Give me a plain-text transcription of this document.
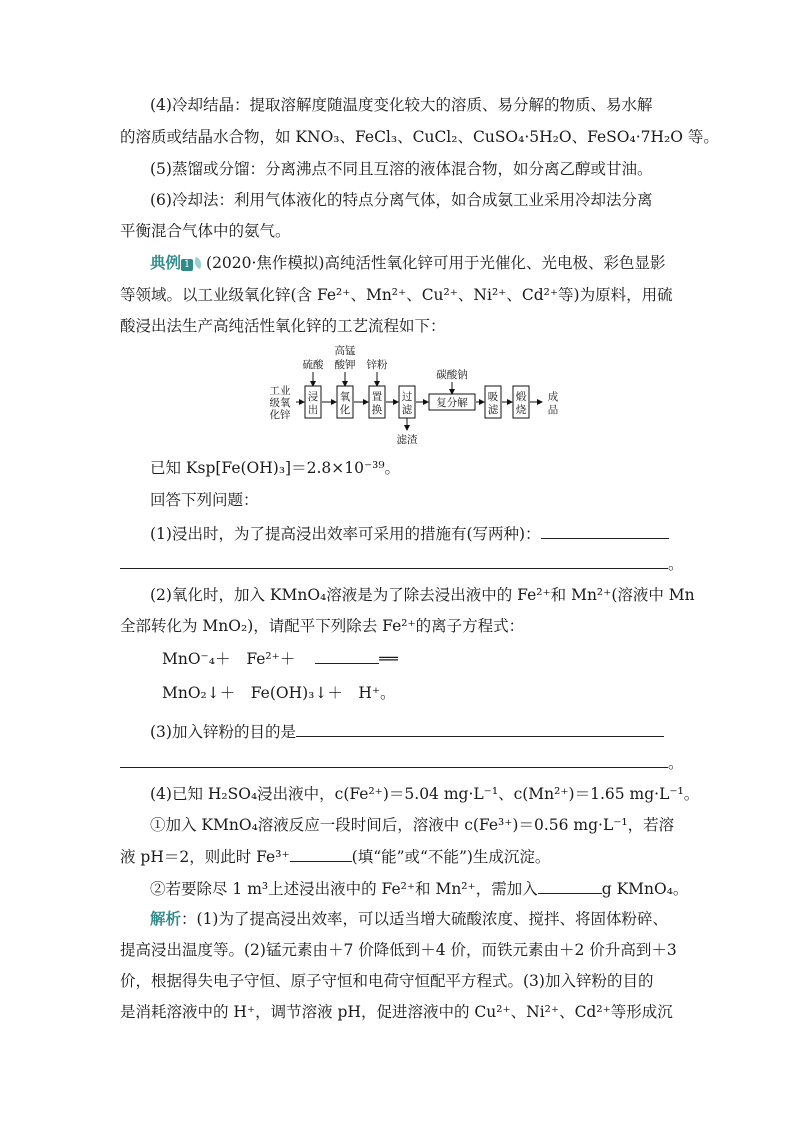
(4)冷却结晶：提取溶解度随温度变化较大的溶质、易分解的物质、易水解
的溶质或结晶水合物，如 KNO₃、FeCl₃、CuCl₂、CuSO₄·5H₂O、FeSO₄·7H₂O 等。
(5)蒸馏或分馏：分离沸点不同且互溶的液体混合物，如分离乙醇或甘油。
(6)冷却法：利用气体液化的特点分离气体，如合成氨工业采用冷却法分离
平衡混合气体中的氨气。
典例 1 (2020·焦作模拟)高纯活性氧化锌可用于光催化、光电极、彩色显影
等领域。以工业级氧化锌(含 Fe²⁺、Mn²⁺、Cu²⁺、Ni²⁺、Cd²⁺等)为原料，用硫
酸浸出法生产高纯活性氧化锌的工艺流程如下：
工业
级氧
化锌
硫酸
高锰
酸钾 锌粉
碳酸钠
浸
出
氧
化
置
换
过
滤
复分解 吸
滤
煅
烧
滤渣
成
品
已知 Ksp[Fe(OH)₃]＝2.8×10⁻³⁹。
回答下列问题：
(1)浸出时，为了提高浸出效率可采用的措施有(写两种)：
。
(2)氧化时，加入 KMnO₄溶液是为了除去浸出液中的 Fe²⁺和 Mn²⁺(溶液中 Mn
全部转化为 MnO₂)，请配平下列除去 Fe²⁺的离子方程式：
MnO⁻₄＋ Fe²⁺＋	══
MnO₂↓＋　Fe(OH)₃↓＋　H⁺。
(3)加入锌粉的目的是
。
(4)已知 H₂SO₄浸出液中，c(Fe²⁺)＝5.04 mg·L⁻¹、c(Mn²⁺)＝1.65 mg·L⁻¹。
①加入 KMnO₄溶液反应一段时间后，溶液中 c(Fe³⁺)＝0.56 mg·L⁻¹，若溶
液 pH＝2，则此时 Fe³⁺	(填“能”或“不能”)生成沉淀。
②若要除尽 1 m³上述浸出液中的 Fe²⁺和 Mn²⁺，需加入	g KMnO₄。
解析：(1)为了提高浸出效率，可以适当增大硫酸浓度、搅拌、将固体粉碎、
提高浸出温度等。(2)锰元素由＋7 价降低到＋4 价，而铁元素由＋2 价升高到＋3
价，根据得失电子守恒、原子守恒和电荷守恒配平方程式。(3)加入锌粉的目的
是消耗溶液中的 H⁺，调节溶液 pH，促进溶液中的 Cu²⁺、Ni²⁺、Cd²⁺等形成沉
